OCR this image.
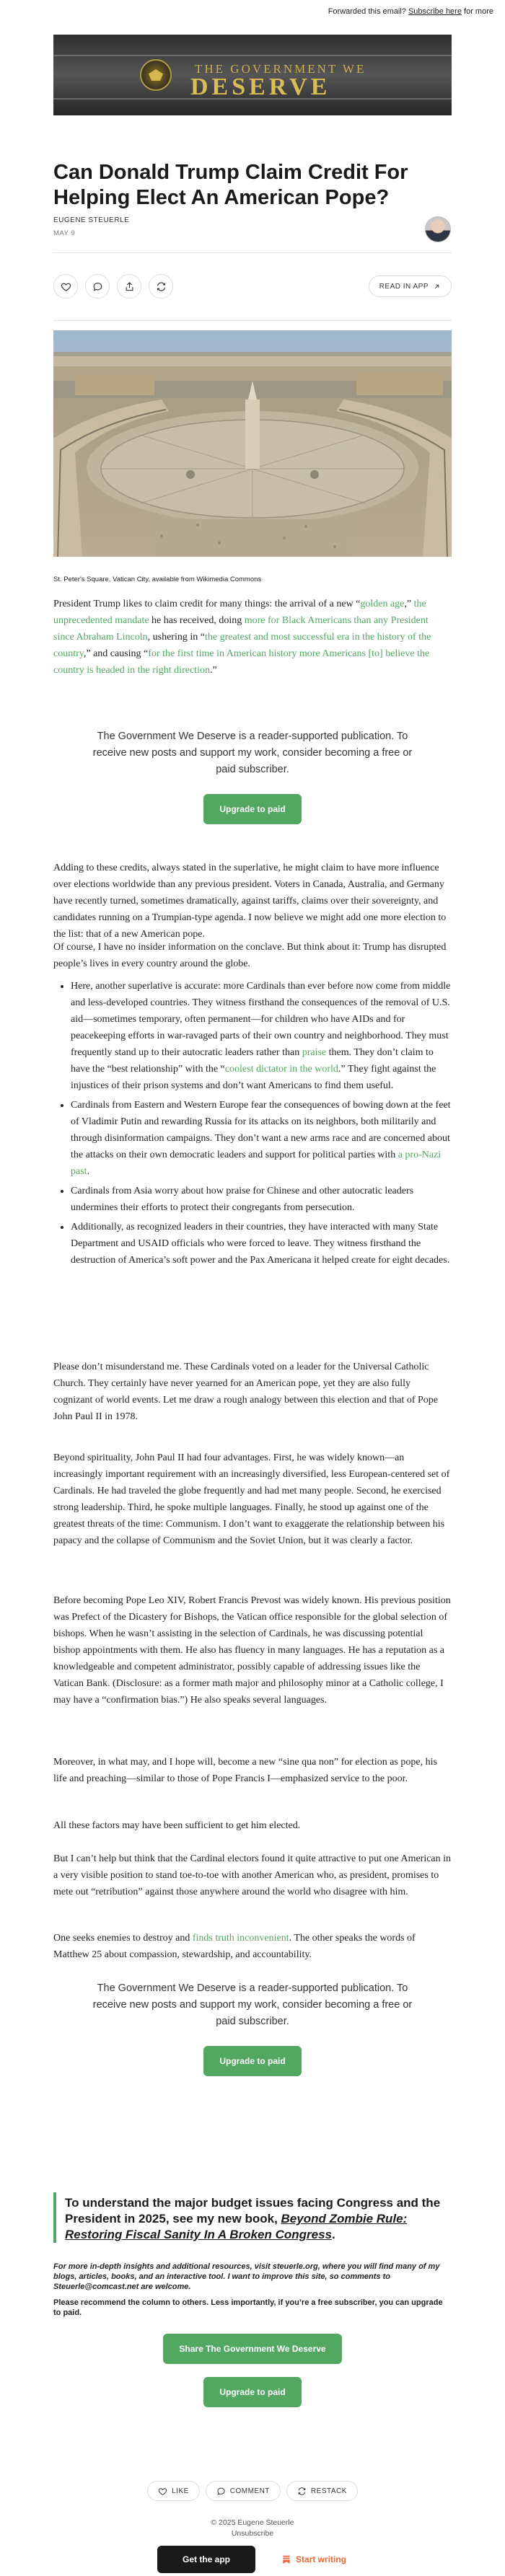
Forwarded this email? Subscribe here for more
THE GOVERNMENT WE
DESERVE
Can Donald Trump Claim Credit For Helping Elect An American Pope?
EUGENE STEUERLE
MAY 9
READ IN APP
St. Peter's Square, Vatican City, available from Wikimedia Commons

President Trump likes to claim credit for many things: the arrival of a new “golden age,” the unprecedented mandate he has received, doing more for Black Americans than any President since Abraham Lincoln, ushering in “the greatest and most successful era in the history of the country,” and causing “for the first time in American history more Americans [to] believe the country is headed in the right direction.”

The Government We Deserve is a reader-supported publication. To receive new posts and support my work, consider becoming a free or paid subscriber.

Upgrade to paid

Adding to these credits, always stated in the superlative, he might claim to have more influence over elections worldwide than any previous president. Voters in Canada, Australia, and Germany have recently turned, sometimes dramatically, against tariffs, claims over their sovereignty, and candidates running on a Trumpian-type agenda. I now believe we might add one more election to the list: that of a new American pope.

Of course, I have no insider information on the conclave. But think about it: Trump has disrupted people’s lives in every country around the globe.

• Here, another superlative is accurate: more Cardinals than ever before now come from middle and less-developed countries. They witness firsthand the consequences of the removal of U.S. aid—sometimes temporary, often permanent—for children who have AIDs and for peacekeeping efforts in war-ravaged parts of their own country and neighborhood. They must frequently stand up to their autocratic leaders rather than praise them. They don’t claim to have the “best relationship” with the “coolest dictator in the world.” They fight against the injustices of their prison systems and don’t want Americans to find them useful.
• Cardinals from Eastern and Western Europe fear the consequences of bowing down at the feet of Vladimir Putin and rewarding Russia for its attacks on its neighbors, both militarily and through disinformation campaigns. They don’t want a new arms race and are concerned about the attacks on their own democratic leaders and support for political parties with a pro-Nazi past.
• Cardinals from Asia worry about how praise for Chinese and other autocratic leaders undermines their efforts to protect their congregants from persecution.
• Additionally, as recognized leaders in their countries, they have interacted with many State Department and USAID officials who were forced to leave. They witness firsthand the destruction of America’s soft power and the Pax Americana it helped create for eight decades.

Please don’t misunderstand me. These Cardinals voted on a leader for the Universal Catholic Church. They certainly have never yearned for an American pope, yet they are also fully cognizant of world events. Let me draw a rough analogy between this election and that of Pope John Paul II in 1978.

Beyond spirituality, John Paul II had four advantages. First, he was widely known—an increasingly important requirement with an increasingly diversified, less European-centered set of Cardinals. He had traveled the globe frequently and had met many people. Second, he exercised strong leadership. Third, he spoke multiple languages. Finally, he stood up against one of the greatest threats of the time: Communism. I don’t want to exaggerate the relationship between his papacy and the collapse of Communism and the Soviet Union, but it was clearly a factor.

Before becoming Pope Leo XIV, Robert Francis Prevost was widely known. His previous position was Prefect of the Dicastery for Bishops, the Vatican office responsible for the global selection of bishops. When he wasn’t assisting in the selection of Cardinals, he was discussing potential bishop appointments with them. He also has fluency in many languages. He has a reputation as a knowledgeable and competent administrator, possibly capable of addressing issues like the Vatican Bank. (Disclosure: as a former math major and philosophy minor at a Catholic college, I may have a “confirmation bias.”) He also speaks several languages.

Moreover, in what may, and I hope will, become a new “sine qua non” for election as pope, his life and preaching—similar to those of Pope Francis I—emphasized service to the poor.

All these factors may have been sufficient to get him elected.

But I can’t help but think that the Cardinal electors found it quite attractive to put one American in a very visible position to stand toe-to-toe with another American who, as president, promises to mete out “retribution” against those anywhere around the world who disagree with him.

One seeks enemies to destroy and finds truth inconvenient. The other speaks the words of Matthew 25 about compassion, stewardship, and accountability.

The Government We Deserve is a reader-supported publication. To receive new posts and support my work, consider becoming a free or paid subscriber.

Upgrade to paid

To understand the major budget issues facing Congress and the President in 2025, see my new book, Beyond Zombie Rule: Restoring Fiscal Sanity In A Broken Congress.

For more in-depth insights and additional resources, visit steuerle.org, where you will find many of my blogs, articles, books, and an interactive tool. I want to improve this site, so comments to Steuerle@comcast.net are welcome.

Please recommend the column to others. Less importantly, if you’re a free subscriber, you can upgrade to paid.

Share The Government We Deserve
Upgrade to paid
LIKE	COMMENT	RESTACK
© 2025 Eugene Steuerle
Unsubscribe
Get the app	Start writing
